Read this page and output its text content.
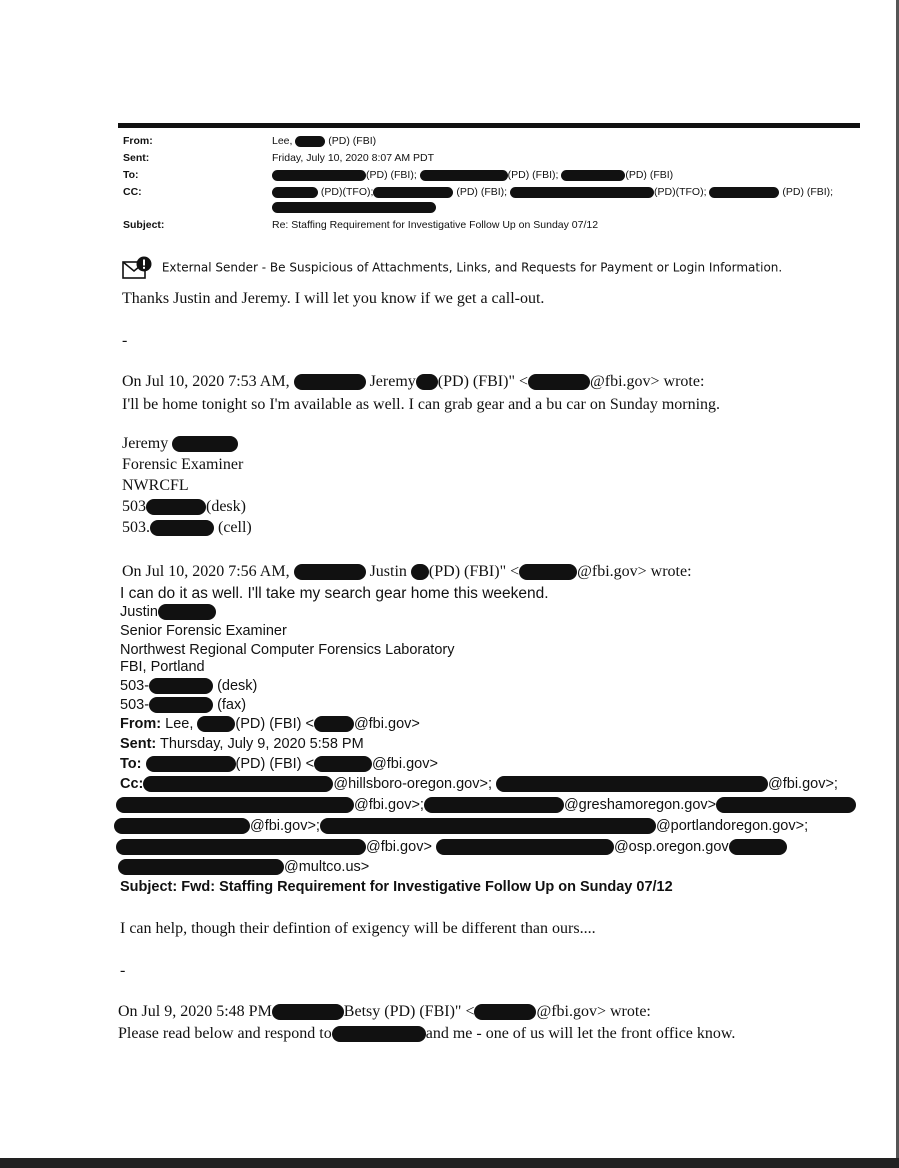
From:	Lee,	(PD) (FBI)
Sent:	Friday, July 10, 2020 8:07 AM PDT
To:	(PD) (FBI);	(PD) (FBI);	(PD) (FBI)
CC:	(PD)(TFO);	(PD) (FBI);	(PD)(TFO);	(PD) (FBI);
Subject:	Re: Staffing Requirement for Investigative Follow Up on Sunday 07/12
External Sender - Be Suspicious of Attachments, Links, and Requests for Payment or Login Information.
Thanks Justin and Jeremy. I will let you know if we get a call-out.
-
On Jul 10, 2020 7:53 AM,	Jeremy (PD) (FBI)" <	@fbi.gov> wrote:
I'll be home tonight so I'm available as well. I can grab gear and a bu car on Sunday morning.
Jeremy
Forensic Examiner
NWRCFL
503	(desk)
503.	(cell)
On Jul 10, 2020 7:56 AM,	Justin (PD) (FBI)" <	@fbi.gov> wrote:
I can do it as well. I'll take my search gear home this weekend.
Justin
Senior Forensic Examiner
Northwest Regional Computer Forensics Laboratory
FBI, Portland
503-	(desk)
503-	(fax)
From: Lee,	(PD) (FBI) <	@fbi.gov>
Sent: Thursday, July 9, 2020 5:58 PM
To:	(PD) (FBI) <	@fbi.gov>
Cc:	@hillsboro-oregon.gov>;	@fbi.gov>;
@fbi.gov>;	@greshamoregon.gov>
@fbi.gov>;	@portlandoregon.gov>;
@fbi.gov>	@osp.oregon.gov
@multco.us>
Subject: Fwd: Staffing Requirement for Investigative Follow Up on Sunday 07/12
I can help, though their defintion of exigency will be different than ours....
-
On Jul 9, 2020 5:48 PM	Betsy (PD) (FBI)" <	@fbi.gov> wrote:
Please read below and respond to	and me - one of us will let the front office know.
